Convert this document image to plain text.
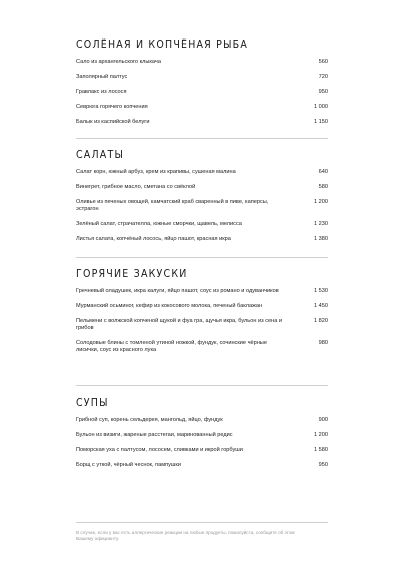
СОЛЁНАЯ И КОПЧЁНАЯ РЫБА
Сало из архангельского клыкача	560
Заполярный палтус	720
Гравлакс из лосося	950
Севрюга горячего копчения	1 000
Балык из каспийской белуги	1 150
САЛАТЫ
Салат корн, южный арбуз, крем из крапивы, сушеная малина	640
Винегрет, грибное масло, сметана со свёклой	580
Оливье из печеных овощей, камчатский краб сваренный в пиве, каперсы, эстрагон
1 200
Зелёный салат, страчателла, южные сморчки, щавель, мелисса	1 230
Листья салата, копчёный лосось, яйцо пашот, красная икра	1 380
ГОРЯЧИЕ ЗАКУСКИ
Гречневый оладушек, икра калуги, яйцо пашот, соус из романо и одуванчиков	1 530
Мурманский осьминог, кефир из кокосового молока, печеный баклажан	1 450
Пельмени с волжской копченой щукой и фуа гра, щучья икра, бульон из сена и грибов
1 820
Солодовые блины с томленой утиной ножкой, фундук, сочинские чёрные лисички, соус из красного лука
980
СУПЫ
Грибной суп, корень сельдерея, мангольд, яйцо, фундук	900
Бульон из визиги, жареные расстегаи, маринованный редис	1 200
Поморская уха с палтусом, лососем, сливками и икрой горбуши	1 580
Борщ с уткой, чёрный чеснок, пампушки	950
В случае, если у вас есть аллергические реакции на любые продукты, пожалуйста, сообщите об этом Вашему официанту.
